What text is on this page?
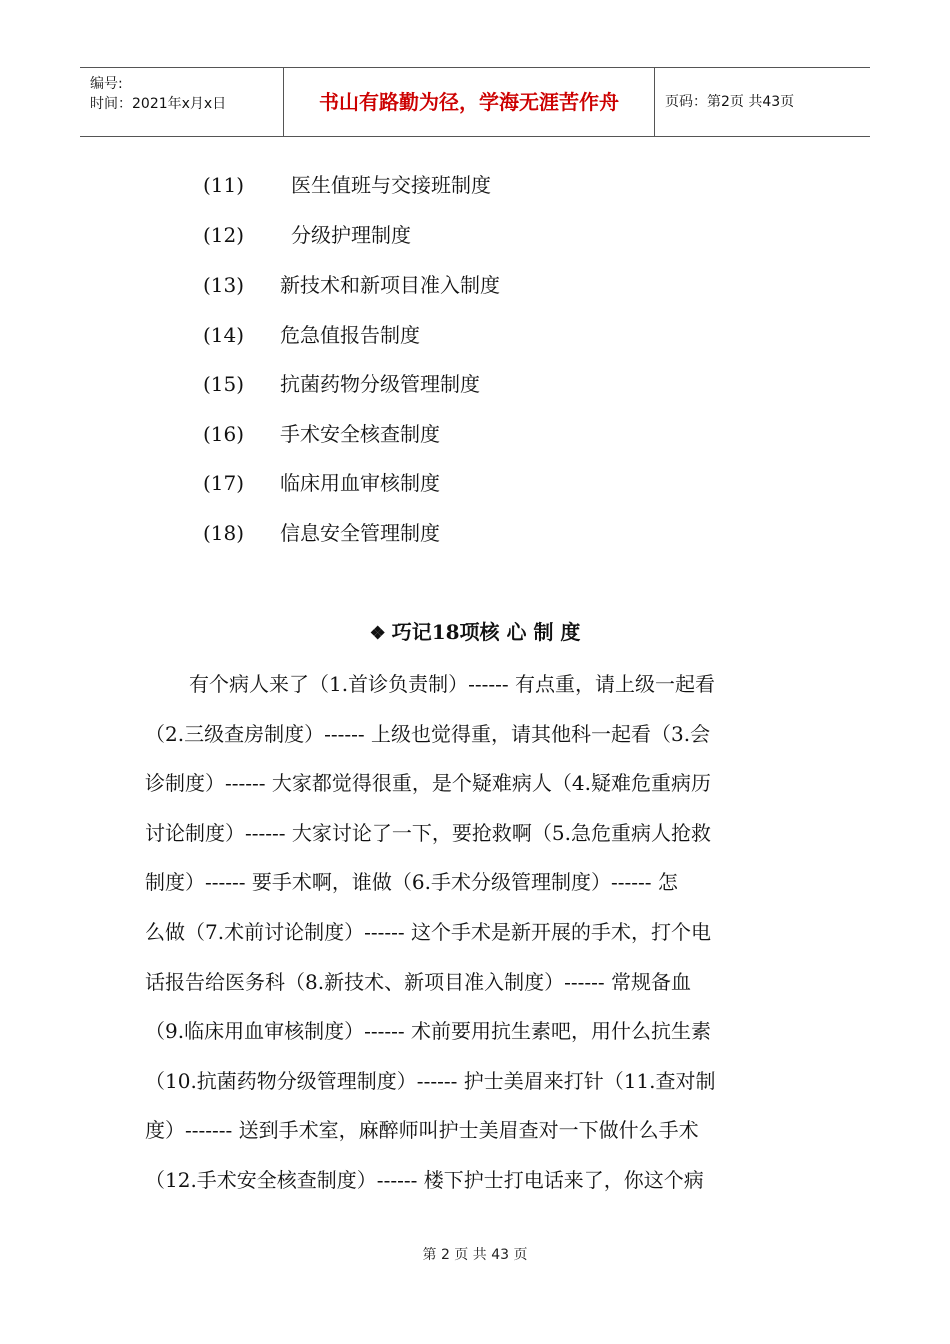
编号:
时间：2021年x月x日	书山有路勤为径，学海无涯苦作舟	页码：第2页 共43页
(11) 医生值班与交接班制度
(12) 分级护理制度
(13) 新技术和新项目准入制度
(14) 危急值报告制度
(15) 抗菌药物分级管理制度
(16) 手术安全核查制度
(17) 临床用血审核制度
(18) 信息安全管理制度
❖ 巧记18项核 心 制 度
有个病人来了（1.首诊负责制）------ 有点重，请上级一起看
（2.三级查房制度）------ 上级也觉得重，请其他科一起看（3.会
诊制度）------ 大家都觉得很重，是个疑难病人（4.疑难危重病历
讨论制度）------ 大家讨论了一下，要抢救啊（5.急危重病人抢救
制度）------ 要手术啊，谁做（6.手术分级管理制度）------ 怎
么做（7.术前讨论制度）------ 这个手术是新开展的手术，打个电
话报告给医务科（8.新技术、新项目准入制度）------ 常规备血
（9.临床用血审核制度）------ 术前要用抗生素吧，用什么抗生素
（10.抗菌药物分级管理制度）------ 护士美眉来打针（11.查对制
度）------- 送到手术室，麻醉师叫护士美眉查对一下做什么手术
（12.手术安全核查制度）------ 楼下护士打电话来了，你这个病
第 2 页 共 43 页
